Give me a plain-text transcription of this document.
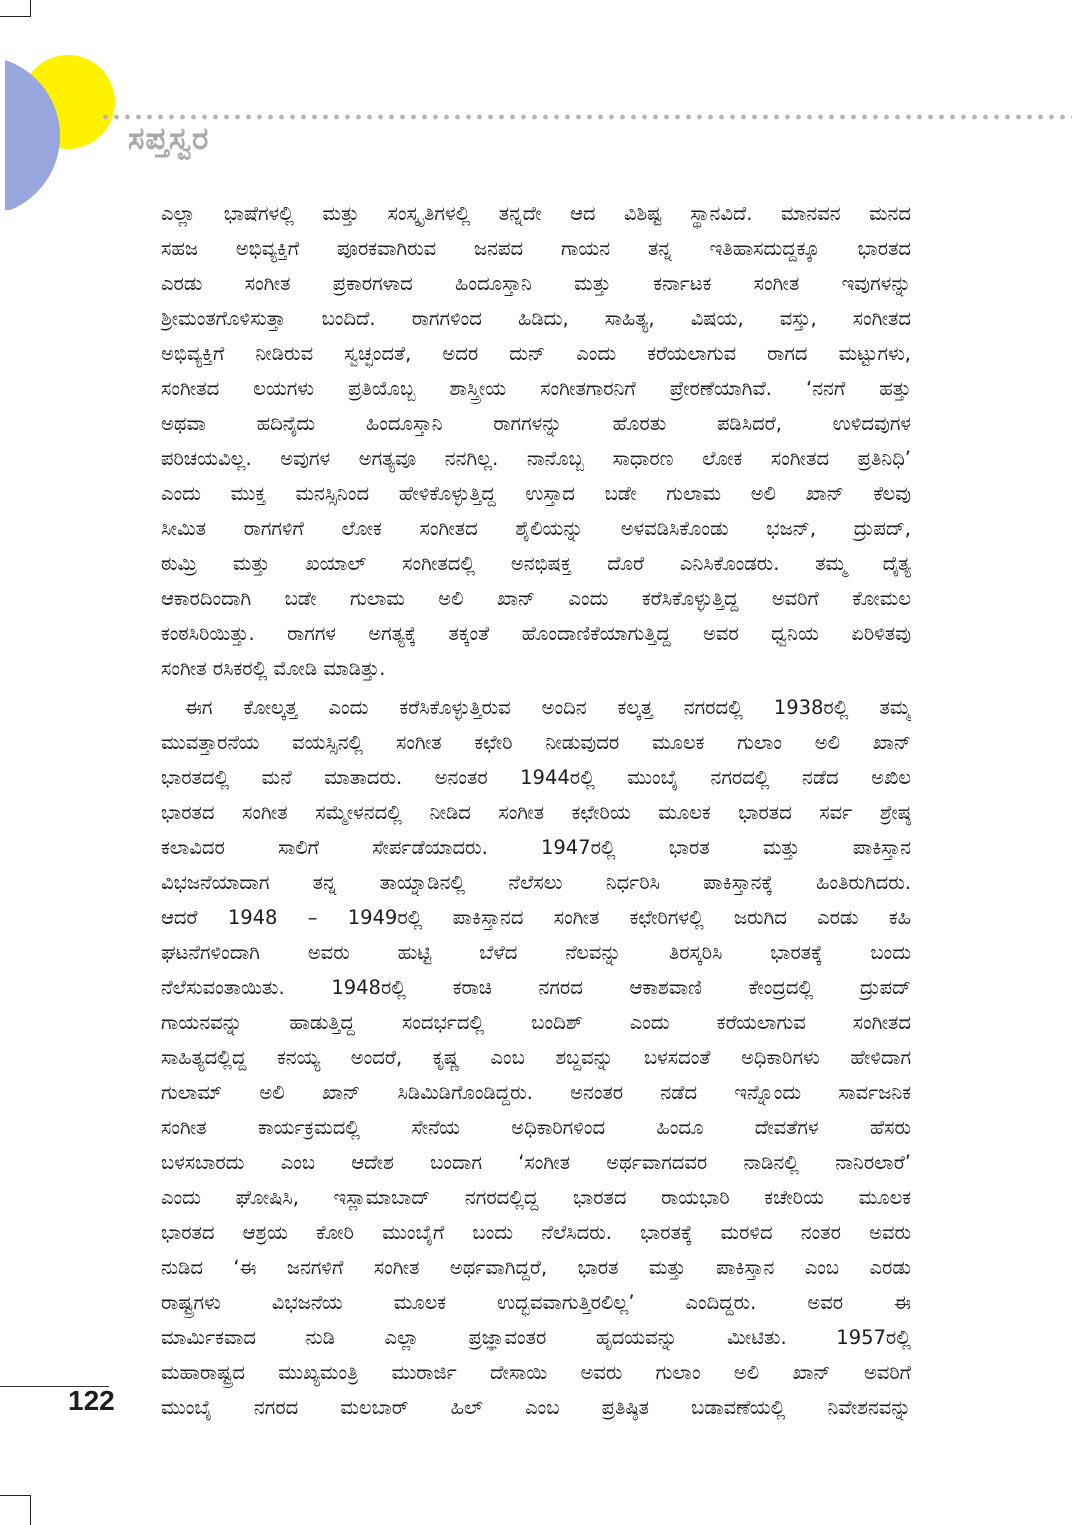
ಸಪ್ತಸ್ವರ
ಎಲ್ಲಾ ಭಾಷೆಗಳಲ್ಲಿ ಮತ್ತು ಸಂಸ್ಕೃತಿಗಳಲ್ಲಿ ತನ್ನದೇ ಆದ ವಿಶಿಷ್ಟ ಸ್ಥಾನವಿದೆ. ಮಾನವನ ಮನದ
ಸಹಜ ಅಭಿವ್ಯಕ್ತಿಗೆ ಪೂರಕವಾಗಿರುವ ಜನಪದ ಗಾಯನ ತನ್ನ ಇತಿಹಾಸದುದ್ದಕ್ಕೂ ಭಾರತದ
ಎರಡು ಸಂಗೀತ ಪ್ರಕಾರಗಳಾದ ಹಿಂದೂಸ್ತಾನಿ ಮತ್ತು ಕರ್ನಾಟಕ ಸಂಗೀತ ಇವುಗಳನ್ನು
ಶ್ರೀಮಂತಗೊಳಿಸುತ್ತಾ ಬಂದಿದೆ. ರಾಗಗಳಿಂದ ಹಿಡಿದು, ಸಾಹಿತ್ಯ, ವಿಷಯ, ವಸ್ತು, ಸಂಗೀತದ
ಅಭಿವ್ಯಕ್ತಿಗೆ ನೀಡಿರುವ ಸ್ವಚ್ಛಂದತೆ, ಅದರ ದುನ್ ಎಂದು ಕರೆಯಲಾಗುವ ರಾಗದ ಮಟ್ಟುಗಳು,
ಸಂಗೀತದ ಲಯಗಳು ಪ್ರತಿಯೊಬ್ಬ ಶಾಸ್ತ್ರೀಯ ಸಂಗೀತಗಾರನಿಗೆ ಪ್ರೇರಣೆಯಾಗಿವೆ. ‘ನನಗೆ ಹತ್ತು
ಅಥವಾ ಹದಿನೈದು ಹಿಂದೂಸ್ತಾನಿ ರಾಗಗಳನ್ನು ಹೊರತು ಪಡಿಸಿದರೆ, ಉಳಿದವುಗಳ
ಪರಿಚಯವಿಲ್ಲ. ಅವುಗಳ ಅಗತ್ಯವೂ ನನಗಿಲ್ಲ. ನಾನೊಬ್ಬ ಸಾಧಾರಣ ಲೋಕ ಸಂಗೀತದ ಪ್ರತಿನಿಧಿ’
ಎಂದು ಮುಕ್ತ ಮನಸ್ಸಿನಿಂದ ಹೇಳಿಕೊಳ್ಳುತ್ತಿದ್ದ ಉಸ್ತಾದ ಬಡೇ ಗುಲಾಮ ಅಲಿ ಖಾನ್ ಕೆಲವು
ಸೀಮಿತ ರಾಗಗಳಿಗೆ ಲೋಕ ಸಂಗೀತದ ಶೈಲಿಯನ್ನು ಅಳವಡಿಸಿಕೊಂಡು ಭಜನ್, ದ್ರುಪದ್,
ಠುಮ್ರಿ ಮತ್ತು ಖಯಾಲ್ ಸಂಗೀತದಲ್ಲಿ ಅನಭಿಷಕ್ತ ದೊರೆ ಎನಿಸಿಕೊಂಡರು. ತಮ್ಮ ದೈತ್ಯ
ಆಕಾರದಿಂದಾಗಿ ಬಡೇ ಗುಲಾಮ ಅಲಿ ಖಾನ್ ಎಂದು ಕರೆಸಿಕೊಳ್ಳುತ್ತಿದ್ದ ಅವರಿಗೆ ಕೋಮಲ
ಕಂಠಸಿರಿಯಿತ್ತು. ರಾಗಗಳ ಅಗತ್ಯಕ್ಕೆ ತಕ್ಕಂತೆ ಹೊಂದಾಣಿಕೆಯಾಗುತ್ತಿದ್ದ ಅವರ ಧ್ವನಿಯ ಏರಿಳಿತವು
ಸಂಗೀತ ರಸಿಕರಲ್ಲಿ ಮೋಡಿ ಮಾಡಿತ್ತು.
ಈಗ ಕೋಲ್ಕತ್ತ ಎಂದು ಕರೆಸಿಕೊಳ್ಳುತ್ತಿರುವ ಅಂದಿನ ಕಲ್ಕತ್ತ ನಗರದಲ್ಲಿ 1938ರಲ್ಲಿ ತಮ್ಮ
ಮುವತ್ತಾರನೆಯ ವಯಸ್ಸಿನಲ್ಲಿ ಸಂಗೀತ ಕಛೇರಿ ನೀಡುವುದರ ಮೂಲಕ ಗುಲಾಂ ಅಲಿ ಖಾನ್
ಭಾರತದಲ್ಲಿ ಮನೆ ಮಾತಾದರು. ಅನಂತರ 1944ರಲ್ಲಿ ಮುಂಬೈ ನಗರದಲ್ಲಿ ನಡೆದ ಅಖಿಲ
ಭಾರತದ ಸಂಗೀತ ಸಮ್ಮೇಳನದಲ್ಲಿ ನೀಡಿದ ಸಂಗೀತ ಕಛೇರಿಯ ಮೂಲಕ ಭಾರತದ ಸರ್ವ ಶ್ರೇಷ್ಠ
ಕಲಾವಿದರ ಸಾಲಿಗೆ ಸೇರ್ಪಡೆಯಾದರು. 1947ರಲ್ಲಿ ಭಾರತ ಮತ್ತು ಪಾಕಿಸ್ತಾನ
ವಿಭಜನೆಯಾದಾಗ ತನ್ನ ತಾಯ್ನಾಡಿನಲ್ಲಿ ನೆಲೆಸಲು ನಿರ್ಧರಿಸಿ ಪಾಕಿಸ್ತಾನಕ್ಕೆ ಹಿಂತಿರುಗಿದರು.
ಆದರೆ 1948 – 1949ರಲ್ಲಿ ಪಾಕಿಸ್ತಾನದ ಸಂಗೀತ ಕಛೇರಿಗಳಲ್ಲಿ ಜರುಗಿದ ಎರಡು ಕಹಿ
ಘಟನೆಗಳಿಂದಾಗಿ ಅವರು ಹುಟ್ಟಿ ಬೆಳೆದ ನೆಲವನ್ನು ತಿರಸ್ಕರಿಸಿ ಭಾರತಕ್ಕೆ ಬಂದು
ನೆಲೆಸುವಂತಾಯಿತು. 1948ರಲ್ಲಿ ಕರಾಚಿ ನಗರದ ಆಕಾಶವಾಣಿ ಕೇಂದ್ರದಲ್ಲಿ ದ್ರುಪದ್
ಗಾಯನವನ್ನು ಹಾಡುತ್ತಿದ್ದ ಸಂದರ್ಭದಲ್ಲಿ ಬಂದಿಶ್ ಎಂದು ಕರೆಯಲಾಗುವ ಸಂಗೀತದ
ಸಾಹಿತ್ಯದಲ್ಲಿದ್ದ ಕನಯ್ಯ ಅಂದರೆ, ಕೃಷ್ಣ ಎಂಬ ಶಬ್ದವನ್ನು ಬಳಸದಂತೆ ಅಧಿಕಾರಿಗಳು ಹೇಳಿದಾಗ
ಗುಲಾಮ್ ಅಲಿ ಖಾನ್ ಸಿಡಿಮಿಡಿಗೊಂಡಿದ್ದರು. ಅನಂತರ ನಡೆದ ಇನ್ನೊಂದು ಸಾರ್ವಜನಿಕ
ಸಂಗೀತ ಕಾರ್ಯಕ್ರಮದಲ್ಲಿ ಸೇನೆಯ ಅಧಿಕಾರಿಗಳಿಂದ ಹಿಂದೂ ದೇವತೆಗಳ ಹೆಸರು
ಬಳಸಬಾರದು ಎಂಬ ಆದೇಶ ಬಂದಾಗ ‘ಸಂಗೀತ ಅರ್ಥವಾಗದವರ ನಾಡಿನಲ್ಲಿ ನಾನಿರಲಾರೆ’
ಎಂದು ಘೋಷಿಸಿ, ಇಸ್ಲಾಮಾಬಾದ್ ನಗರದಲ್ಲಿದ್ದ ಭಾರತದ ರಾಯಭಾರಿ ಕಚೇರಿಯ ಮೂಲಕ
ಭಾರತದ ಆಶ್ರಯ ಕೋರಿ ಮುಂಬೈಗೆ ಬಂದು ನೆಲೆಸಿದರು. ಭಾರತಕ್ಕೆ ಮರಳಿದ ನಂತರ ಅವರು
ನುಡಿದ ‘ಈ ಜನಗಳಿಗೆ ಸಂಗೀತ ಅರ್ಥವಾಗಿದ್ದರೆ, ಭಾರತ ಮತ್ತು ಪಾಕಿಸ್ತಾನ ಎಂಬ ಎರಡು
ರಾಷ್ಟ್ರಗಳು ವಿಭಜನೆಯ ಮೂಲಕ ಉದ್ಭವವಾಗುತ್ತಿರಲಿಲ್ಲ’ ಎಂದಿದ್ದರು. ಅವರ ಈ
ಮಾರ್ಮಿಕವಾದ ನುಡಿ ಎಲ್ಲಾ ಪ್ರಜ್ಞಾವಂತರ ಹೃದಯವನ್ನು ಮೀಟಿತು. 1957ರಲ್ಲಿ
ಮಹಾರಾಷ್ಟ್ರದ ಮುಖ್ಯಮಂತ್ರಿ ಮುರಾರ್ಜಿ ದೇಸಾಯಿ ಅವರು ಗುಲಾಂ ಅಲಿ ಖಾನ್ ಅವರಿಗೆ
ಮುಂಬೈ ನಗರದ ಮಲಬಾರ್ ಹಿಲ್ ಎಂಬ ಪ್ರತಿಷ್ಠಿತ ಬಡಾವಣೆಯಲ್ಲಿ ನಿವೇಶನವನ್ನು
122
